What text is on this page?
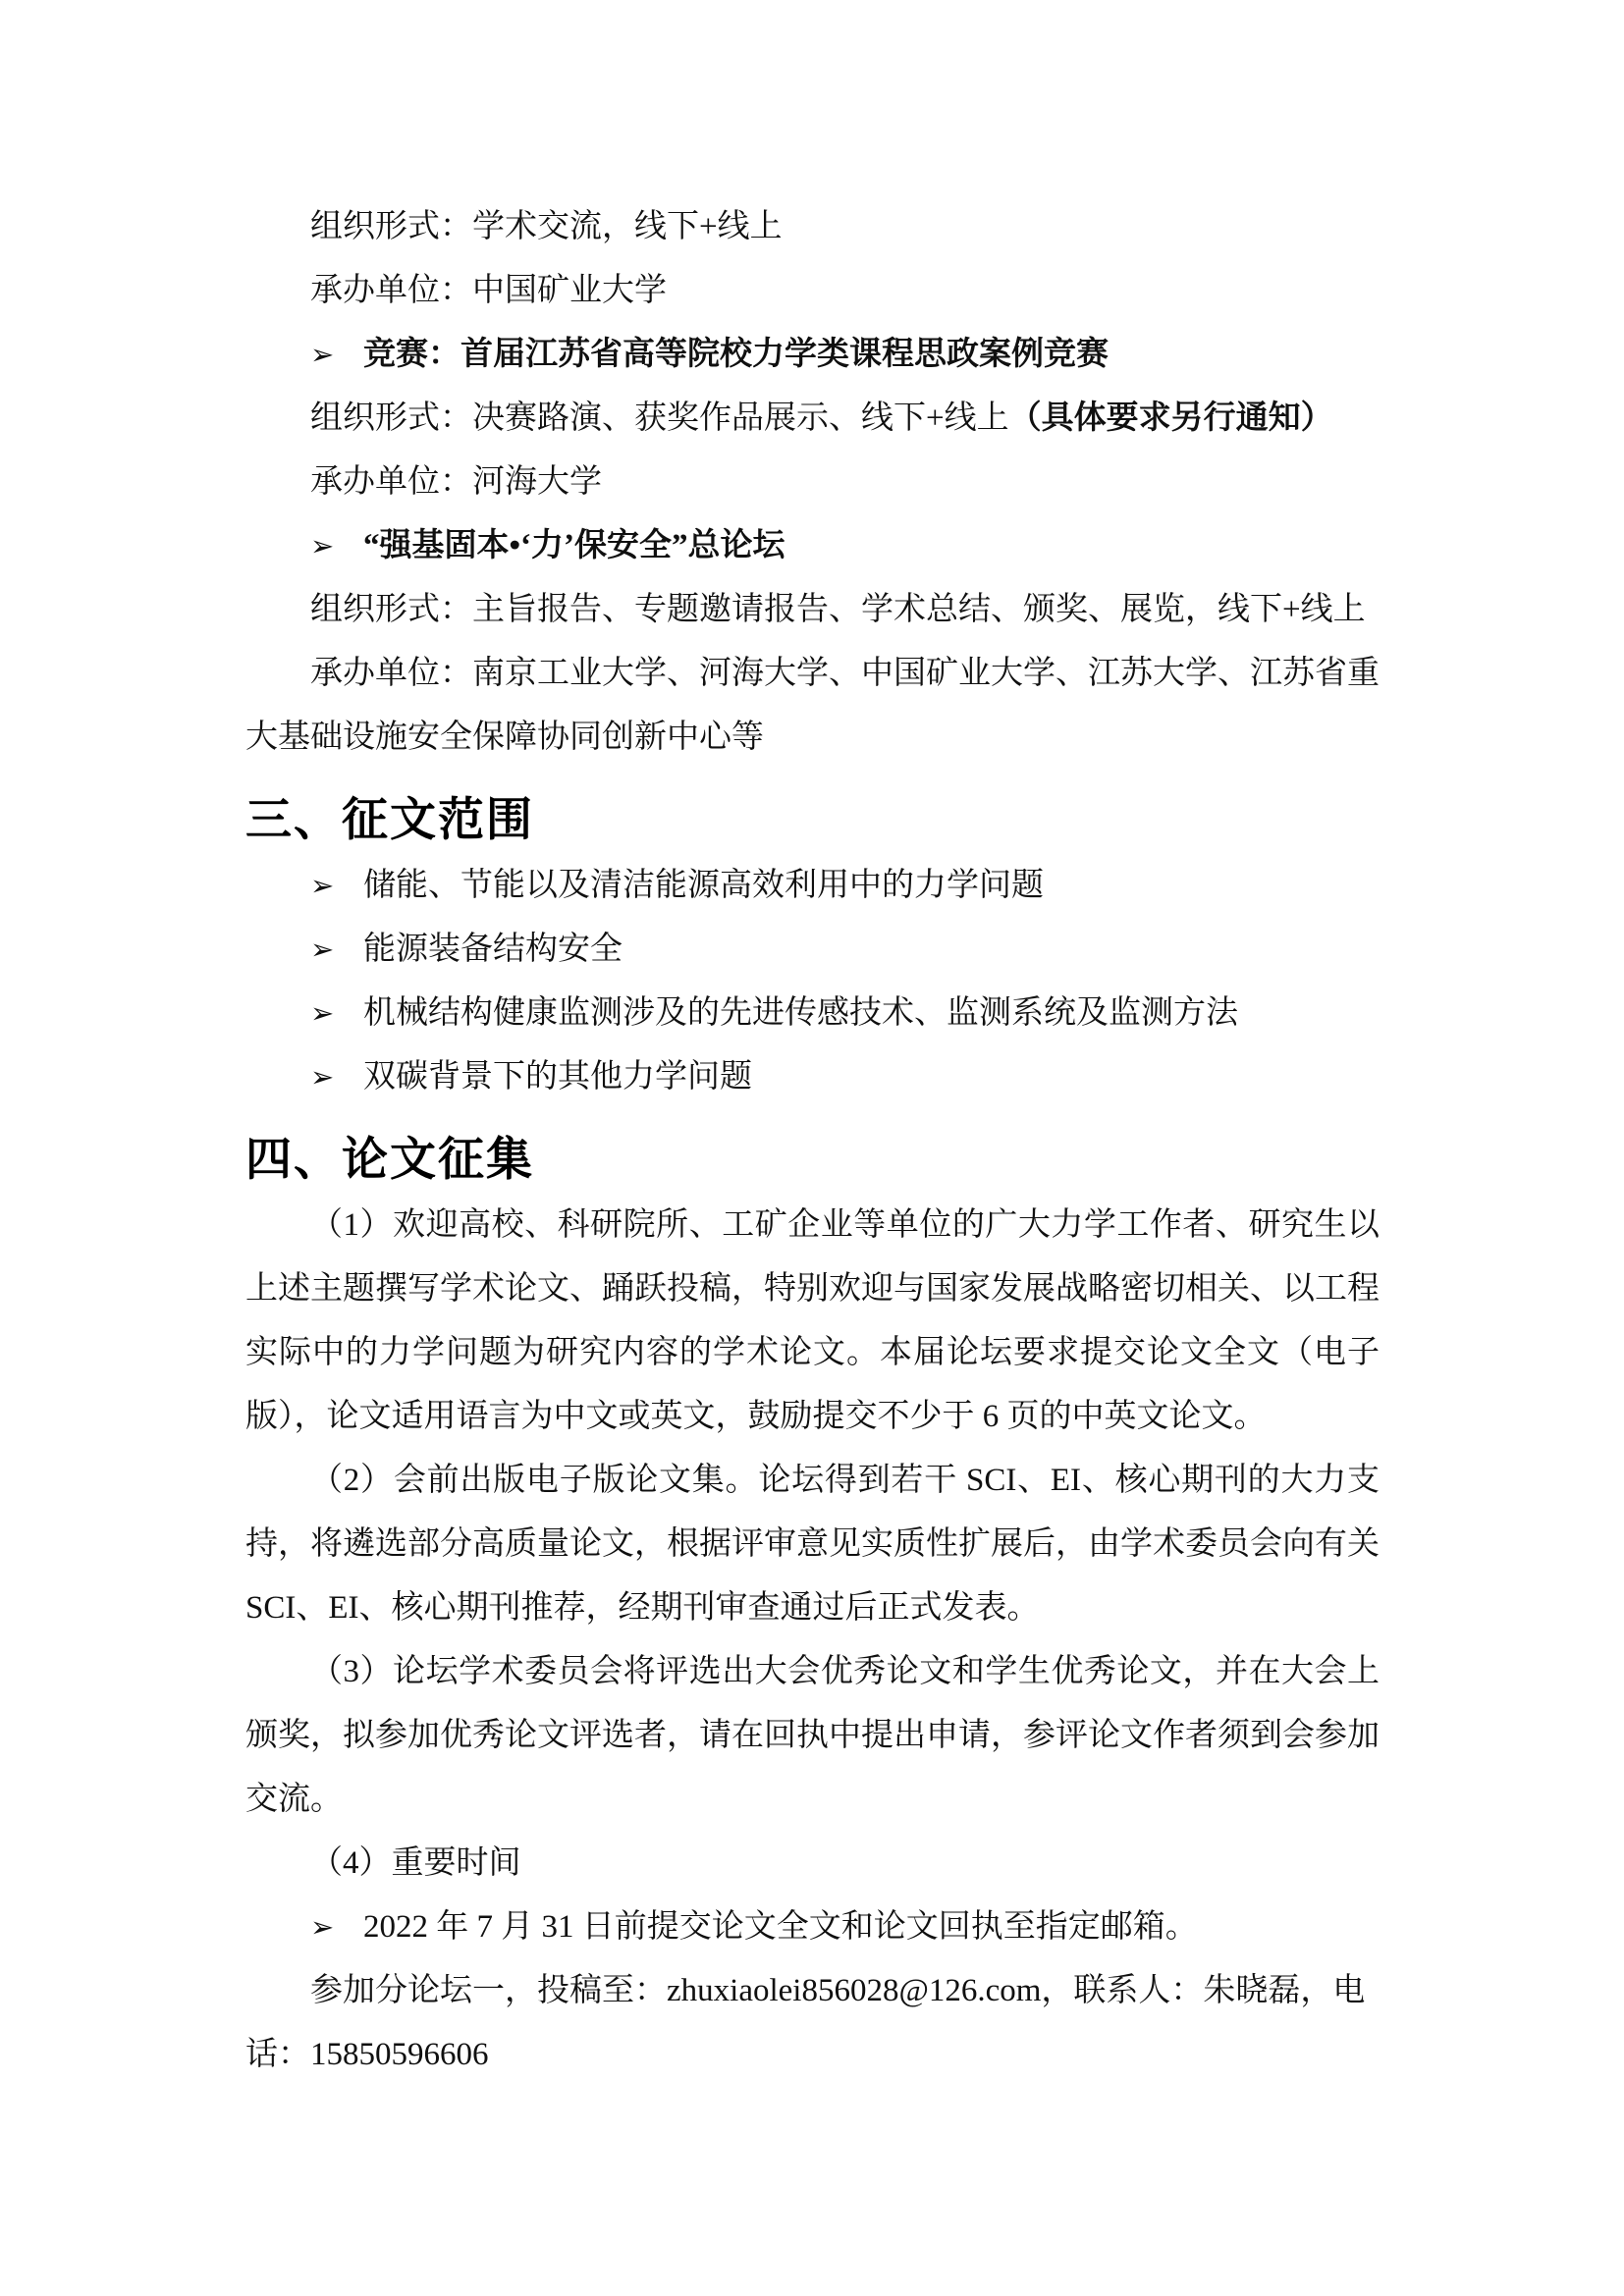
组织形式：学术交流，线下+线上

承办单位：中国矿业大学

➢ 竞赛：首届江苏省高等院校力学类课程思政案例竞赛

组织形式：决赛路演、获奖作品展示、线下+线上（具体要求另行通知）

承办单位：河海大学

➢ “强基固本•‘力’保安全”总论坛

组织形式：主旨报告、专题邀请报告、学术总结、颁奖、展览，线下+线上

承办单位：南京工业大学、河海大学、中国矿业大学、江苏大学、江苏省重大基础设施安全保障协同创新中心等

三、征文范围

➢ 储能、节能以及清洁能源高效利用中的力学问题

➢ 能源装备结构安全

➢ 机械结构健康监测涉及的先进传感技术、监测系统及监测方法

➢ 双碳背景下的其他力学问题

四、论文征集

（1）欢迎高校、科研院所、工矿企业等单位的广大力学工作者、研究生以上述主题撰写学术论文、踊跃投稿，特别欢迎与国家发展战略密切相关、以工程实际中的力学问题为研究内容的学术论文。本届论坛要求提交论文全文（电子版），论文适用语言为中文或英文，鼓励提交不少于 6 页的中英文论文。

（2）会前出版电子版论文集。论坛得到若干 SCI、EI、核心期刊的大力支持，将遴选部分高质量论文，根据评审意见实质性扩展后，由学术委员会向有关 SCI、EI、核心期刊推荐，经期刊审查通过后正式发表。

（3）论坛学术委员会将评选出大会优秀论文和学生优秀论文，并在大会上颁奖，拟参加优秀论文评选者，请在回执中提出申请，参评论文作者须到会参加交流。

（4）重要时间

➢ 2022 年 7 月 31 日前提交论文全文和论文回执至指定邮箱。

参加分论坛一，投稿至：zhuxiaolei856028@126.com，联系人：朱晓磊，电话：15850596606
